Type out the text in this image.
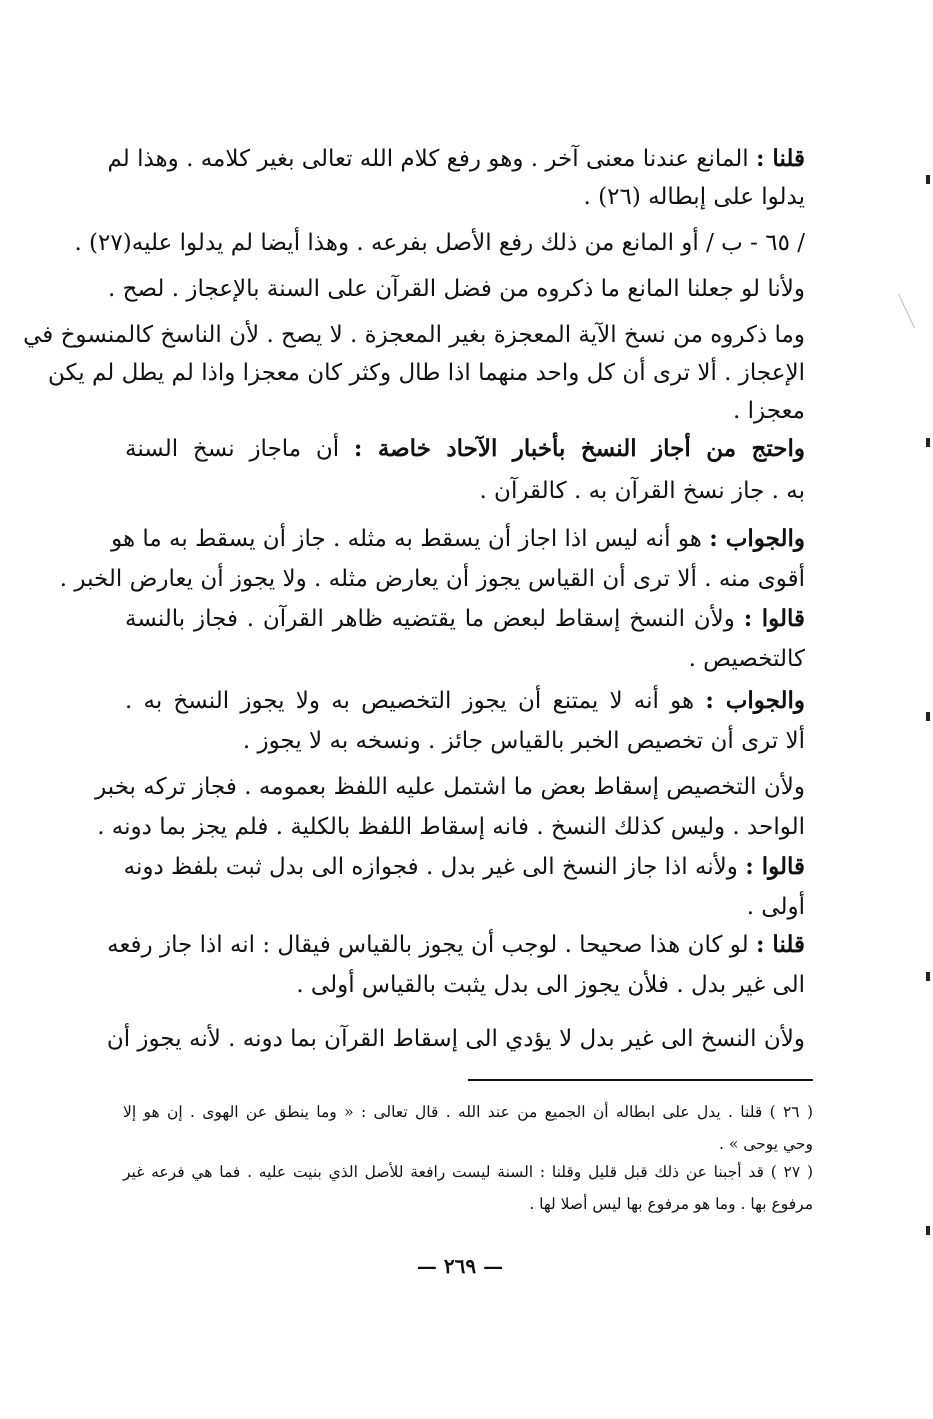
قلنا : المانع عندنا معنى آخر . وهو رفع كلام الله تعالى بغير كلامه . وهذا لم
يدلوا على إبطاله (٢٦) .
/ ٦٥ - ب / أو المانع من ذلك رفع الأصل بفرعه . وهذا أيضا لم يدلوا عليه(٢٧) .
ولأنا لو جعلنا المانع ما ذكروه من فضل القرآن على السنة بالإعجاز . لصح .
وما ذكروه من نسخ الآية المعجزة بغير المعجزة . لا يصح . لأن الناسخ كالمنسوخ في
الإعجاز . ألا ترى أن كل واحد منهما اذا طال وكثر كان معجزا واذا لم يطل لم يكن
معجزا .
واحتج من أجاز النسخ بأخبار الآحاد خاصة : أن ماجاز نسخ السنة
به . جاز نسخ القرآن به . كالقرآن .
والجواب : هو أنه ليس اذا اجاز أن يسقط به مثله . جاز أن يسقط به ما هو
أقوى منه . ألا ترى أن القياس يجوز أن يعارض مثله . ولا يجوز أن يعارض الخبر .
قالوا : ولأن النسخ إسقاط لبعض ما يقتضيه ظاهر القرآن . فجاز بالنسة
كالتخصيص .
والجواب : هو أنه لا يمتنع أن يجوز التخصيص به ولا يجوز النسخ به .
ألا ترى أن تخصيص الخبر بالقياس جائز . ونسخه به لا يجوز .
ولأن التخصيص إسقاط بعض ما اشتمل عليه اللفظ بعمومه . فجاز تركه بخبر
الواحد . وليس كذلك النسخ . فانه إسقاط اللفظ بالكلية . فلم يجز بما دونه .
قالوا : ولأنه اذا جاز النسخ الى غير بدل . فجوازه الى بدل ثبت بلفظ دونه
أولى .
قلنا : لو كان هذا صحيحا . لوجب أن يجوز بالقياس فيقال : انه اذا جاز رفعه
الى غير بدل . فلأن يجوز الى بدل يثبت بالقياس أولى .
ولأن النسخ الى غير بدل لا يؤدي الى إسقاط القرآن بما دونه . لأنه يجوز أن
( ٢٦ ) قلنا . يدل على ابطاله أن الجميع من عند الله . قال تعالى : « وما ينطق عن الهوى . إن هو إلا
وحي يوحى » .
( ٢٧ ) قد أجبنا عن ذلك قبل قليل وقلنا : السنة ليست رافعة للأصل الذي بنيت عليه . فما هي فرعه غير
مرفوع بها . وما هو مرفوع بها ليس أصلا لها .
— ٢٦٩ —
